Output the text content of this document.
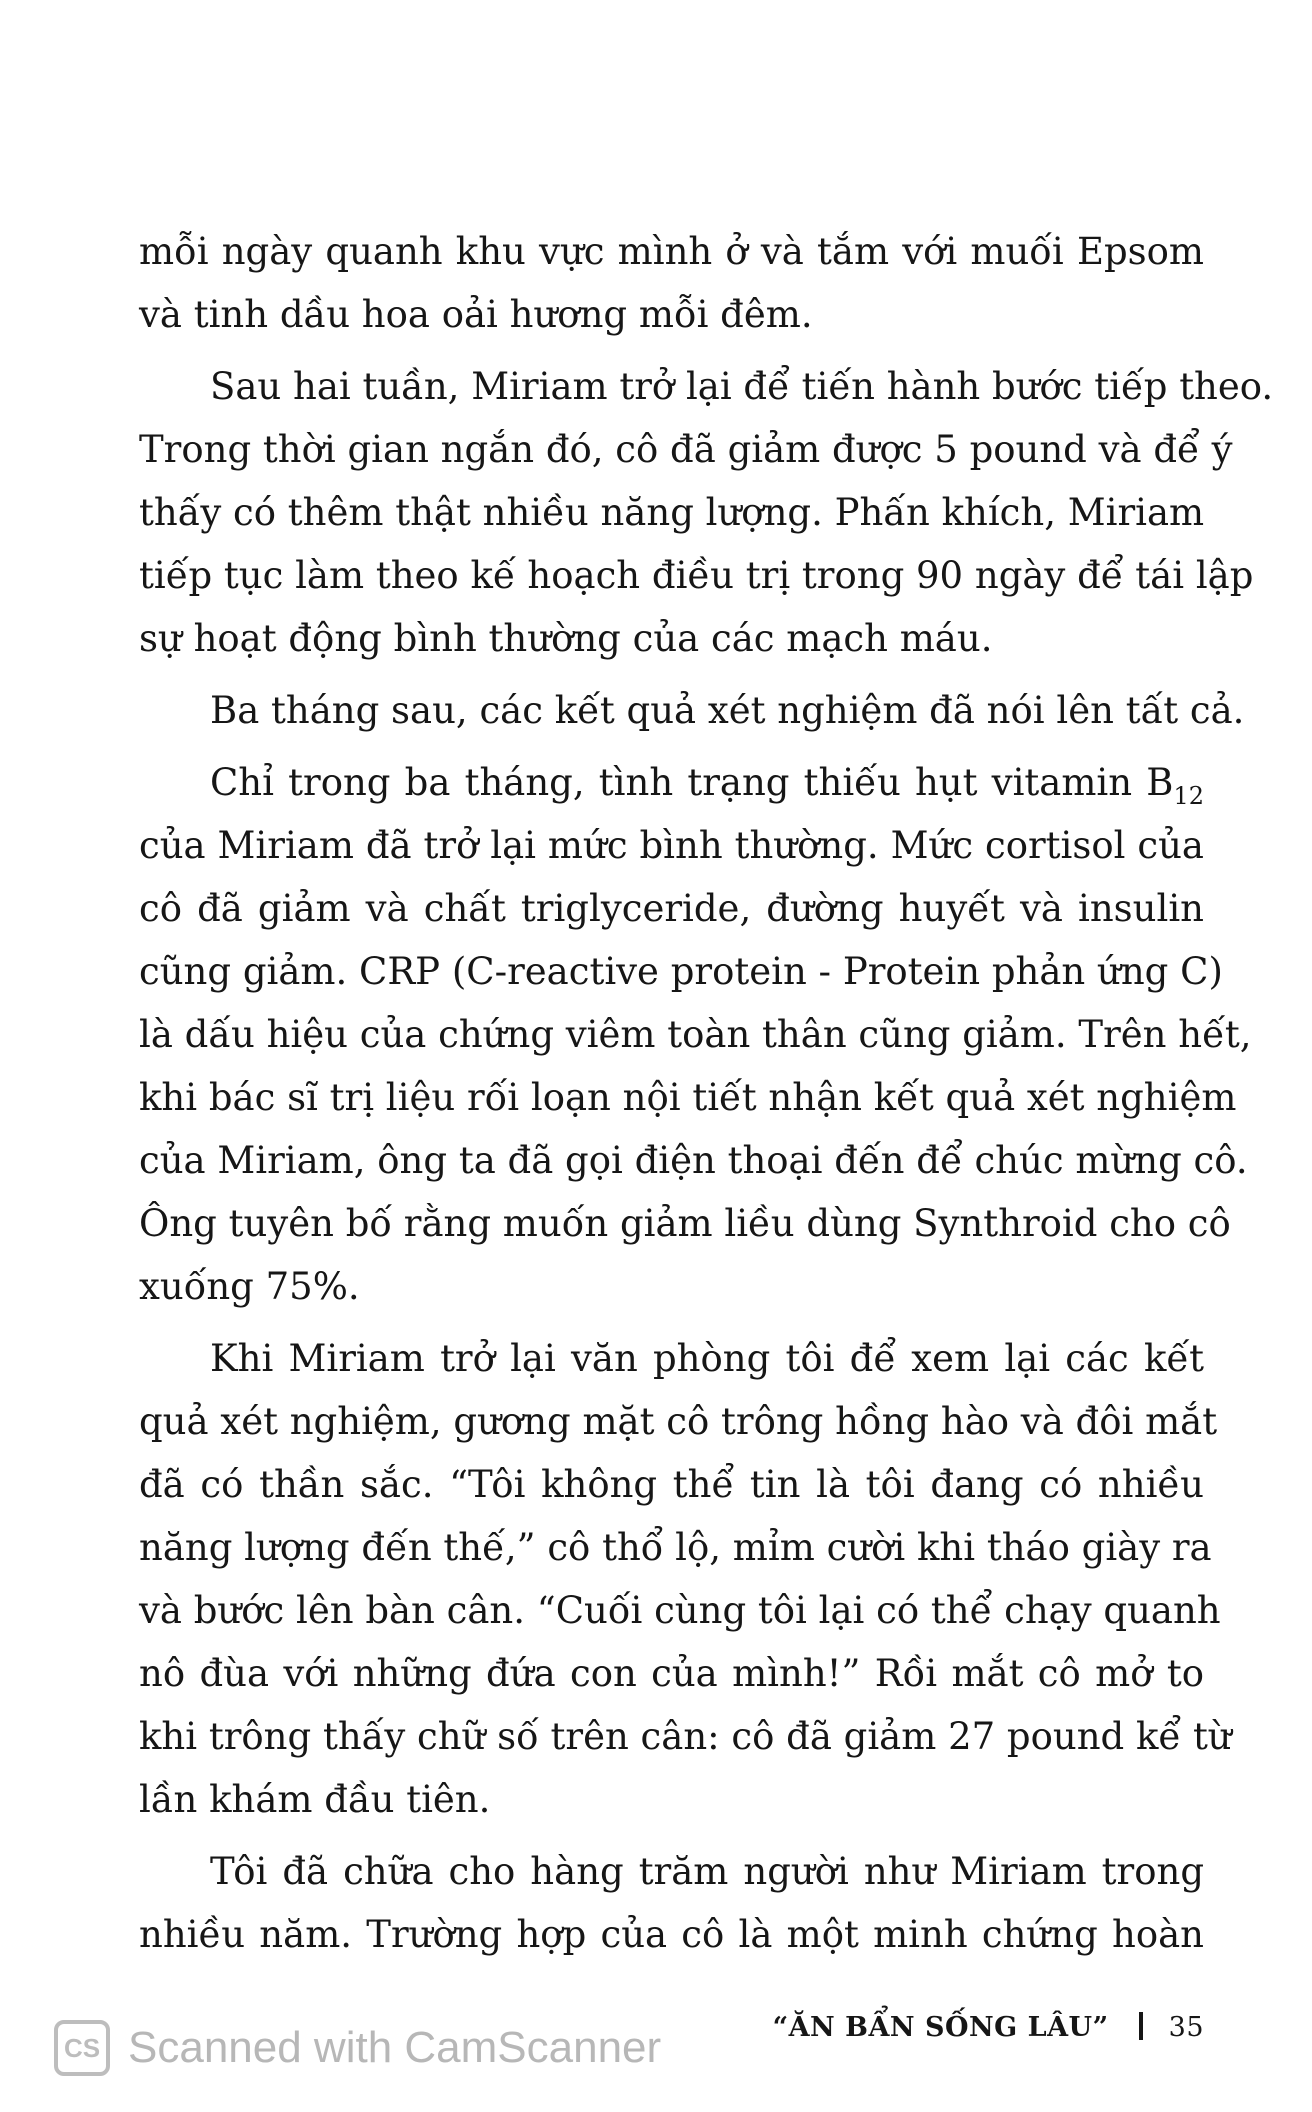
mỗi ngày quanh khu vực mình ở và tắm với muối Epsom
và tinh dầu hoa oải hương mỗi đêm.
Sau hai tuần, Miriam trở lại để tiến hành bước tiếp theo.
Trong thời gian ngắn đó, cô đã giảm được 5 pound và để ý
thấy có thêm thật nhiều năng lượng. Phấn khích, Miriam
tiếp tục làm theo kế hoạch điều trị trong 90 ngày để tái lập
sự hoạt động bình thường của các mạch máu.
Ba tháng sau, các kết quả xét nghiệm đã nói lên tất cả.
Chỉ trong ba tháng, tình trạng thiếu hụt vitamin $B_{12}$
của Miriam đã trở lại mức bình thường. Mức cortisol của
cô đã giảm và chất triglyceride, đường huyết và insulin
cũng giảm. CRP (C-reactive protein - Protein phản ứng C)
là dấu hiệu của chứng viêm toàn thân cũng giảm. Trên hết,
khi bác sĩ trị liệu rối loạn nội tiết nhận kết quả xét nghiệm
của Miriam, ông ta đã gọi điện thoại đến để chúc mừng cô.
Ông tuyên bố rằng muốn giảm liều dùng Synthroid cho cô
xuống 75%.
Khi Miriam trở lại văn phòng tôi để xem lại các kết
quả xét nghiệm, gương mặt cô trông hồng hào và đôi mắt
đã có thần sắc. “Tôi không thể tin là tôi đang có nhiều
năng lượng đến thế,” cô thổ lộ, mỉm cười khi tháo giày ra
và bước lên bàn cân. “Cuối cùng tôi lại có thể chạy quanh
nô đùa với những đứa con của mình!” Rồi mắt cô mở to
khi trông thấy chữ số trên cân: cô đã giảm 27 pound kể từ
lần khám đầu tiên.
Tôi đã chữa cho hàng trăm người như Miriam trong
nhiều năm. Trường hợp của cô là một minh chứng hoàn
“ĂN BẨN SỐNG LÂU” 35
CS Scanned with CamScanner
